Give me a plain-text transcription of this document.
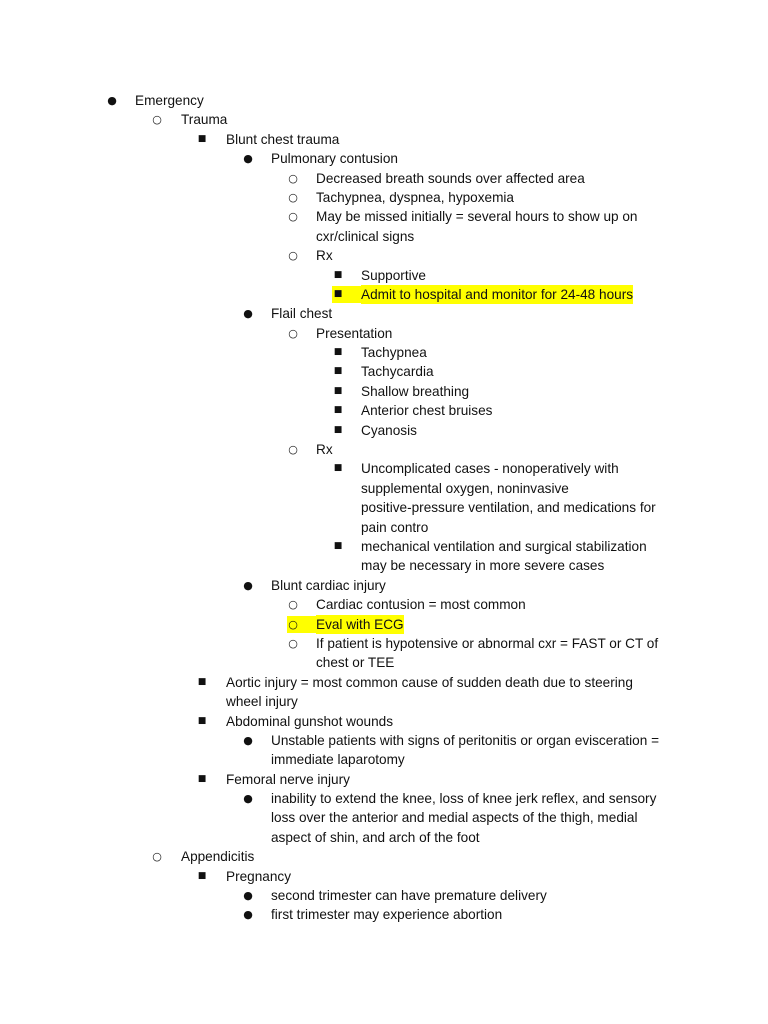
● Emergency
○ Trauma
■ Blunt chest trauma
● Pulmonary contusion
○ Decreased breath sounds over affected area
○ Tachypnea, dyspnea, hypoxemia
○ May be missed initially = several hours to show up on
cxr/clinical signs
○ Rx
■ Supportive
■ Admit to hospital and monitor for 24-48 hours
● Flail chest
○ Presentation
■ Tachypnea
■ Tachycardia
■ Shallow breathing
■ Anterior chest bruises
■ Cyanosis
○ Rx
■ Uncomplicated cases - nonoperatively with
supplemental oxygen, noninvasive
positive-pressure ventilation, and medications for
pain contro
■ mechanical ventilation and surgical stabilization
may be necessary in more severe cases
● Blunt cardiac injury
○ Cardiac contusion = most common
○ Eval with ECG
○ If patient is hypotensive or abnormal cxr = FAST or CT of
chest or TEE
■ Aortic injury = most common cause of sudden death due to steering
wheel injury
■ Abdominal gunshot wounds
● Unstable patients with signs of peritonitis or organ evisceration =
immediate laparotomy
■ Femoral nerve injury
● inability to extend the knee, loss of knee jerk reflex, and sensory
loss over the anterior and medial aspects of the thigh, medial
aspect of shin, and arch of the foot
○ Appendicitis
■ Pregnancy
● second trimester can have premature delivery
● first trimester may experience abortion
